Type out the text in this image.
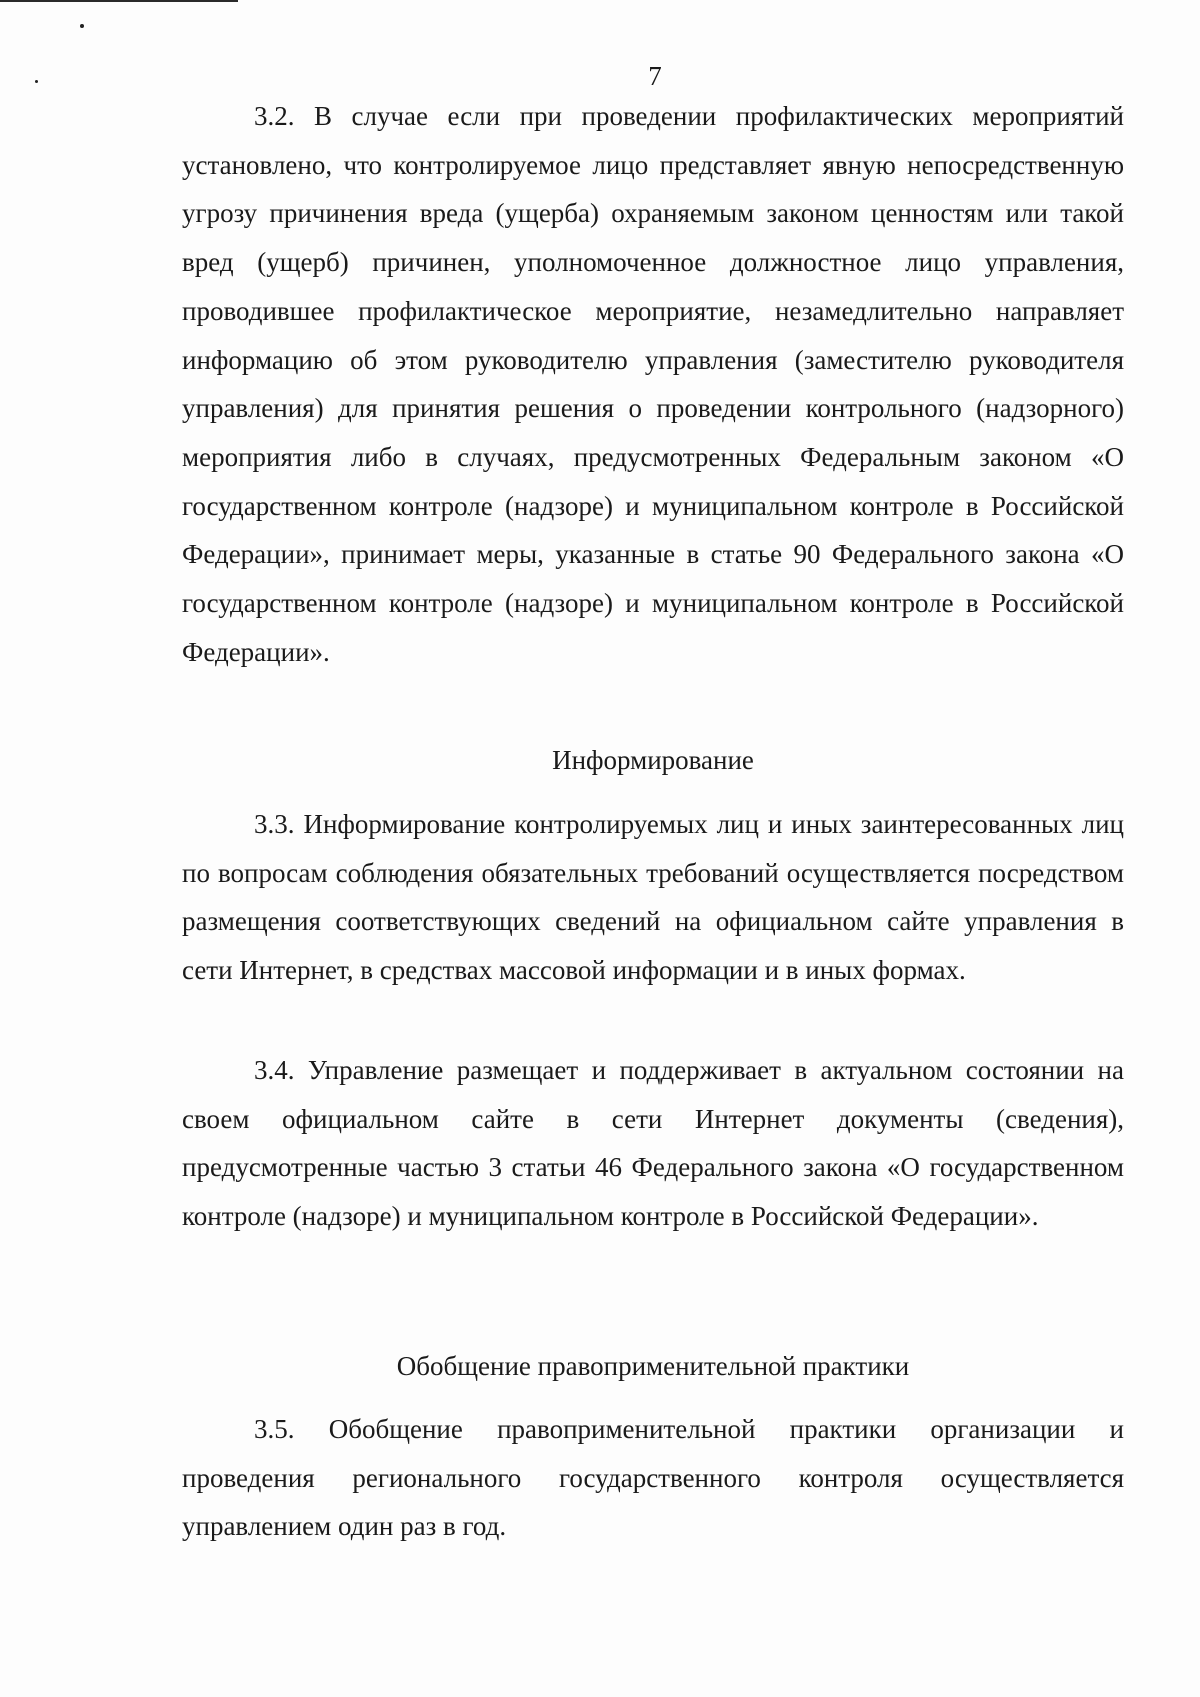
7

3.2. В случае если при проведении профилактических мероприятий установлено, что контролируемое лицо представляет явную непосредственную угрозу причинения вреда (ущерба) охраняемым законом ценностям или такой вред (ущерб) причинен, уполномоченное должностное лицо управления, проводившее профилактическое мероприятие, незамедлительно направляет информацию об этом руководителю управления (заместителю руководителя управления) для принятия решения о проведении контрольного (надзорного) мероприятия либо в случаях, предусмотренных Федеральным законом «О государственном контроле (надзоре) и муниципальном контроле в Российской Федерации», принимает меры, указанные в статье 90 Федерального закона «О государственном контроле (надзоре) и муниципальном контроле в Российской Федерации».

Информирование

3.3. Информирование контролируемых лиц и иных заинтересованных лиц по вопросам соблюдения обязательных требований осуществляется посредством размещения соответствующих сведений на официальном сайте управления в сети Интернет, в средствах массовой информации и в иных формах.

3.4. Управление размещает и поддерживает в актуальном состоянии на своем официальном сайте в сети Интернет документы (сведения), предусмотренные частью 3 статьи 46 Федерального закона «О государственном контроле (надзоре) и муниципальном контроле в Российской Федерации».

Обобщение правоприменительной практики

3.5. Обобщение правоприменительной практики организации и проведения регионального государственного контроля осуществляется управлением один раз в год.
